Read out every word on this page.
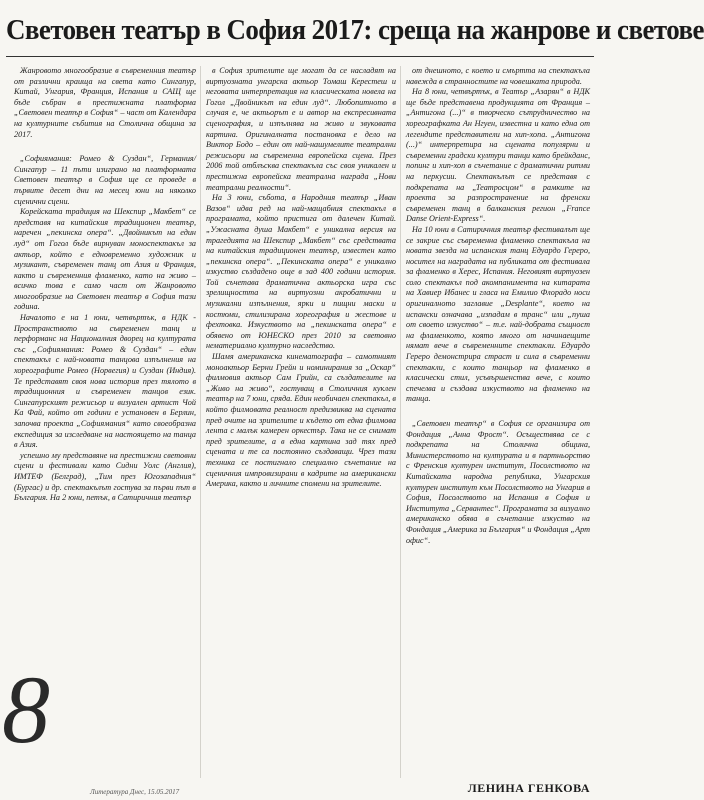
Световен театър в София 2017: среща на жанрове и светове

Жанровото многообразие в съвременния театър от различни краища на света като Сингапур, Китай, Унгария, Франция, Испания и САЩ ще бъде събран в престижната платформа „Световен театър в София“ – част от Календара на културните събития на Столична община за 2017.

„Софиямания: Ромео & Суздан“, Германия/Сингапур – 11 пъти изиграно на платформата Световен театър в София ще се проведе в първите десет дни на месец юни на няколко сценични сцени.

Корейската традиция на Шекспир „Макбет“ се представя на китайския традиционен театър, наречен „пекинска опера“. „Двойникът на един луд“ от Гогол бъде вирнуван моноспектакъл за актьор, който е едновременно художник и музикант, съвременен танц от Азия и Франция, както и съвременния фламенко, като на живо – всичко това е само част от Жанровото многообразие на Световен театър в София тази година.

Началото е на 1 юни, четвъртък, в НДК - Пространството на съвременен танц и перформанс на Националния дворец на културата със „Софиямания: Ромео & Суздан“ – един спектакъл с най-новата танцова изпълнения на хореографите Ромео (Норвегия) и Суздан (Индия). Те представят своя нова история през тялото в традиционния и съвременен танцов език. Сингапурският режисьор и визуален артист Чой Ка Фай, който от години е установен в Берлин, започва проекта „Софиямания“ като своеобразна експедиция за изследване на настоящето на танца в Азия.

успешно му представяне на престижни световни сцени и фестивали като Сидни Уолс (Англия), ИМТЕФ (Белград), „Тим през Югозападния“ (Бургас) и др. спектакълът гостува за първи път в България. На 2 юни, петък, в Сатиричния театър

8

в София зрителите ще могат да се насладят на виртуозната унгарска актьор Томаш Керестеш и неговата интерпретация на класическата новела на Гогол „Двойникът на един луд“. Любопитното в случая е, че актьорът е и автор на експресивната сценография, и изпълнява на живо и звуковата картина. Оригиналната постановка е дело на Виктор Бодо – един от най-нашумелите театрални режисьори на съвременна европейска сцена. През 2006 той отблъсква спектакъла със своя уникален и престижна европейска театрална награда „Нови театрални реалности“.

На 3 юни, събота, в Народния театър „Иван Вазов“ идва ред на най-мащабния спектакъл в програмата, който пристига от далечен Китай. „Ужасната душа Макбет“ е уникална версия на трагедията на Шекспир „Макбет“ със средствата на китайския традиционен театър, известен като „пекинска опера“. „Пекинската опера“ е уникално изкуство създадено още в зад 400 години история. Той съчетава драматична актьорска игра със зрелищността на виртуозни акробатични и музикални изпълнения, ярки и пищни маски и костюми, стилизирана хореография и жестове и фехтовка. Изкуството на „пекинската опера“ е обявено от ЮНЕСКО през 2010 за световно нематериално културно наследство.

Шамя американска кинематографа – самотният моноактьор Берни Грейн и номинирания за „Оскар“ филмовия актьор Сам Грийн, са създателите на „Живо на живо“, гостуващ в Столичния куклен театър на 7 юни, сряда. Един необичаен спектакъл, в който филмовата реалност предизвиква на сцената пред очите на зрителите и където от една филмова лента с малък камерен оркестър. Така не се снимат пред зрителите, а в една картина зад тях пред сцената и те са постоянно създаващи. Чрез тази техника се постигнало специално съчетание на сценичния импровизирани в кадрите на американски Америка, както и личните спомени на зрителите.

от днешното, с което и смъртта на спектакъла навежда в странностите на човешката природа.

На 8 юни, четвъртък, в Театър „Азарян“ в НДК ще бъде представена продукцията от Франция – „Антигона (...)“ в творческо сътрудничество на хореографката Ан Нгуен, известна и като една от легендите представители на хип-хопа. „Антигона (...)“ интерпретира на сцената популярни и съвременни градски култури танци като брейкданс, попинг и хип-хоп в съчетание с драматични ритми на перкусии. Спектакълът се представя с подкрепата на „Театросцом“ в рамките на проекта за разпространение на френски съвременен танц в балканския регион „France Danse Orient-Express“.

На 10 юни в Сатиричния театър фестивалът ще се закрие със съвременна фламенко спектакъла на новата звезда на испанския танц Едуардо Гереро, носител на наградата на публиката от фестивала за фламенко в Херес, Испания. Неговият виртуозен соло спектакъл под акомпанимента на китарата на Хавиер Ибанес и гласа на Емилио Флорадо носи оригиналното заглавие „Desplante“, което на испански означава „изпадам в транс“ или „пуша от своето изкуство“ – т.е. най-добрата същност на фламенкото, която много от начинаещите нямат вече в съвременните спектакли. Едуардо Гереро демонстрира страст и сила в съвременни спектакли, с които танцьор на фламенко в класически стил, усъвършенства вече, с които спечелва и създава изкуството на фламенко на танца.

„Световен театър“ в София се организира от Фондация „Анна Фрост“. Осъществява се с подкрепата на Столична община, Министерството на културата и в партньорство с Френския културен институт, Посолството на Китайската народна република, Унгарския културен институт към Посолството на Унгария в София, Посолството на Испания в София и Института „Сервантес“. Програмата за визуално американско обява в съчетание изкуство на Фондация „Америка за България“ и Фондация „Арт офис“.

Литература Днес, 15.05.2017	ЛЕНИНА ГЕНКОВА
